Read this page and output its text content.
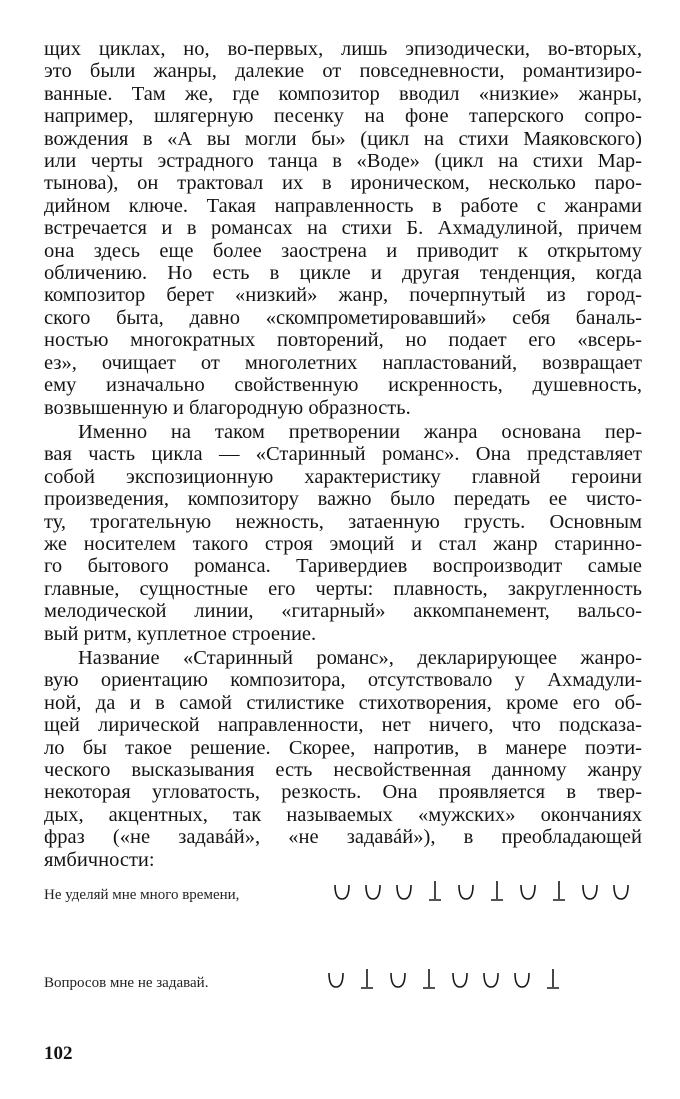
щих циклах, но, во-первых, лишь эпизодически, во-вторых,
это были жанры, далекие от повседневности, романтизиро-
ванные. Там же, где композитор вводил «низкие» жанры,
например, шлягерную песенку на фоне таперского сопро-
вождения в «А вы могли бы» (цикл на стихи Маяковского)
или черты эстрадного танца в «Воде» (цикл на стихи Мар-
тынова), он трактовал их в ироническом, несколько паро-
дийном ключе. Такая направленность в работе с жанрами
встречается и в романсах на стихи Б. Ахмадулиной, причем
она здесь еще более заострена и приводит к открытому
обличению. Но есть в цикле и другая тенденция, когда
композитор берет «низкий» жанр, почерпнутый из город-
ского быта, давно «скомпрометировавший» себя баналь-
ностью многократных повторений, но подает его «всерь-
ез», очищает от многолетних напластований, возвращает
ему изначально свойственную искренность, душевность,
возвышенную и благородную образность.
Именно на таком претворении жанра основана пер-
вая часть цикла — «Старинный романс». Она представляет
собой экспозиционную характеристику главной героини
произведения, композитору важно было передать ее чисто-
ту, трогательную нежность, затаенную грусть. Основным
же носителем такого строя эмоций и стал жанр старинно-
го бытового романса. Таривердиев воспроизводит самые
главные, сущностные его черты: плавность, закругленность
мелодической линии, «гитарный» аккомпанемент, вальсо-
вый ритм, куплетное строение.
Название «Старинный романс», декларирующее жанро-
вую ориентацию композитора, отсутствовало у Ахмадули-
ной, да и в самой стилистике стихотворения, кроме его об-
щей лирической направленности, нет ничего, что подсказа-
ло бы такое решение. Скорее, напротив, в манере поэти-
ческого высказывания есть несвойственная данному жанру
некоторая угловатость, резкость. Она проявляется в твер-
дых, акцентных, так называемых «мужских» окончаниях
фраз («не задавáй», «не задавáй»), в преобладающей
ямбичности:
Не уделяй мне много времени,
Вопросов мне не задавай.
102
